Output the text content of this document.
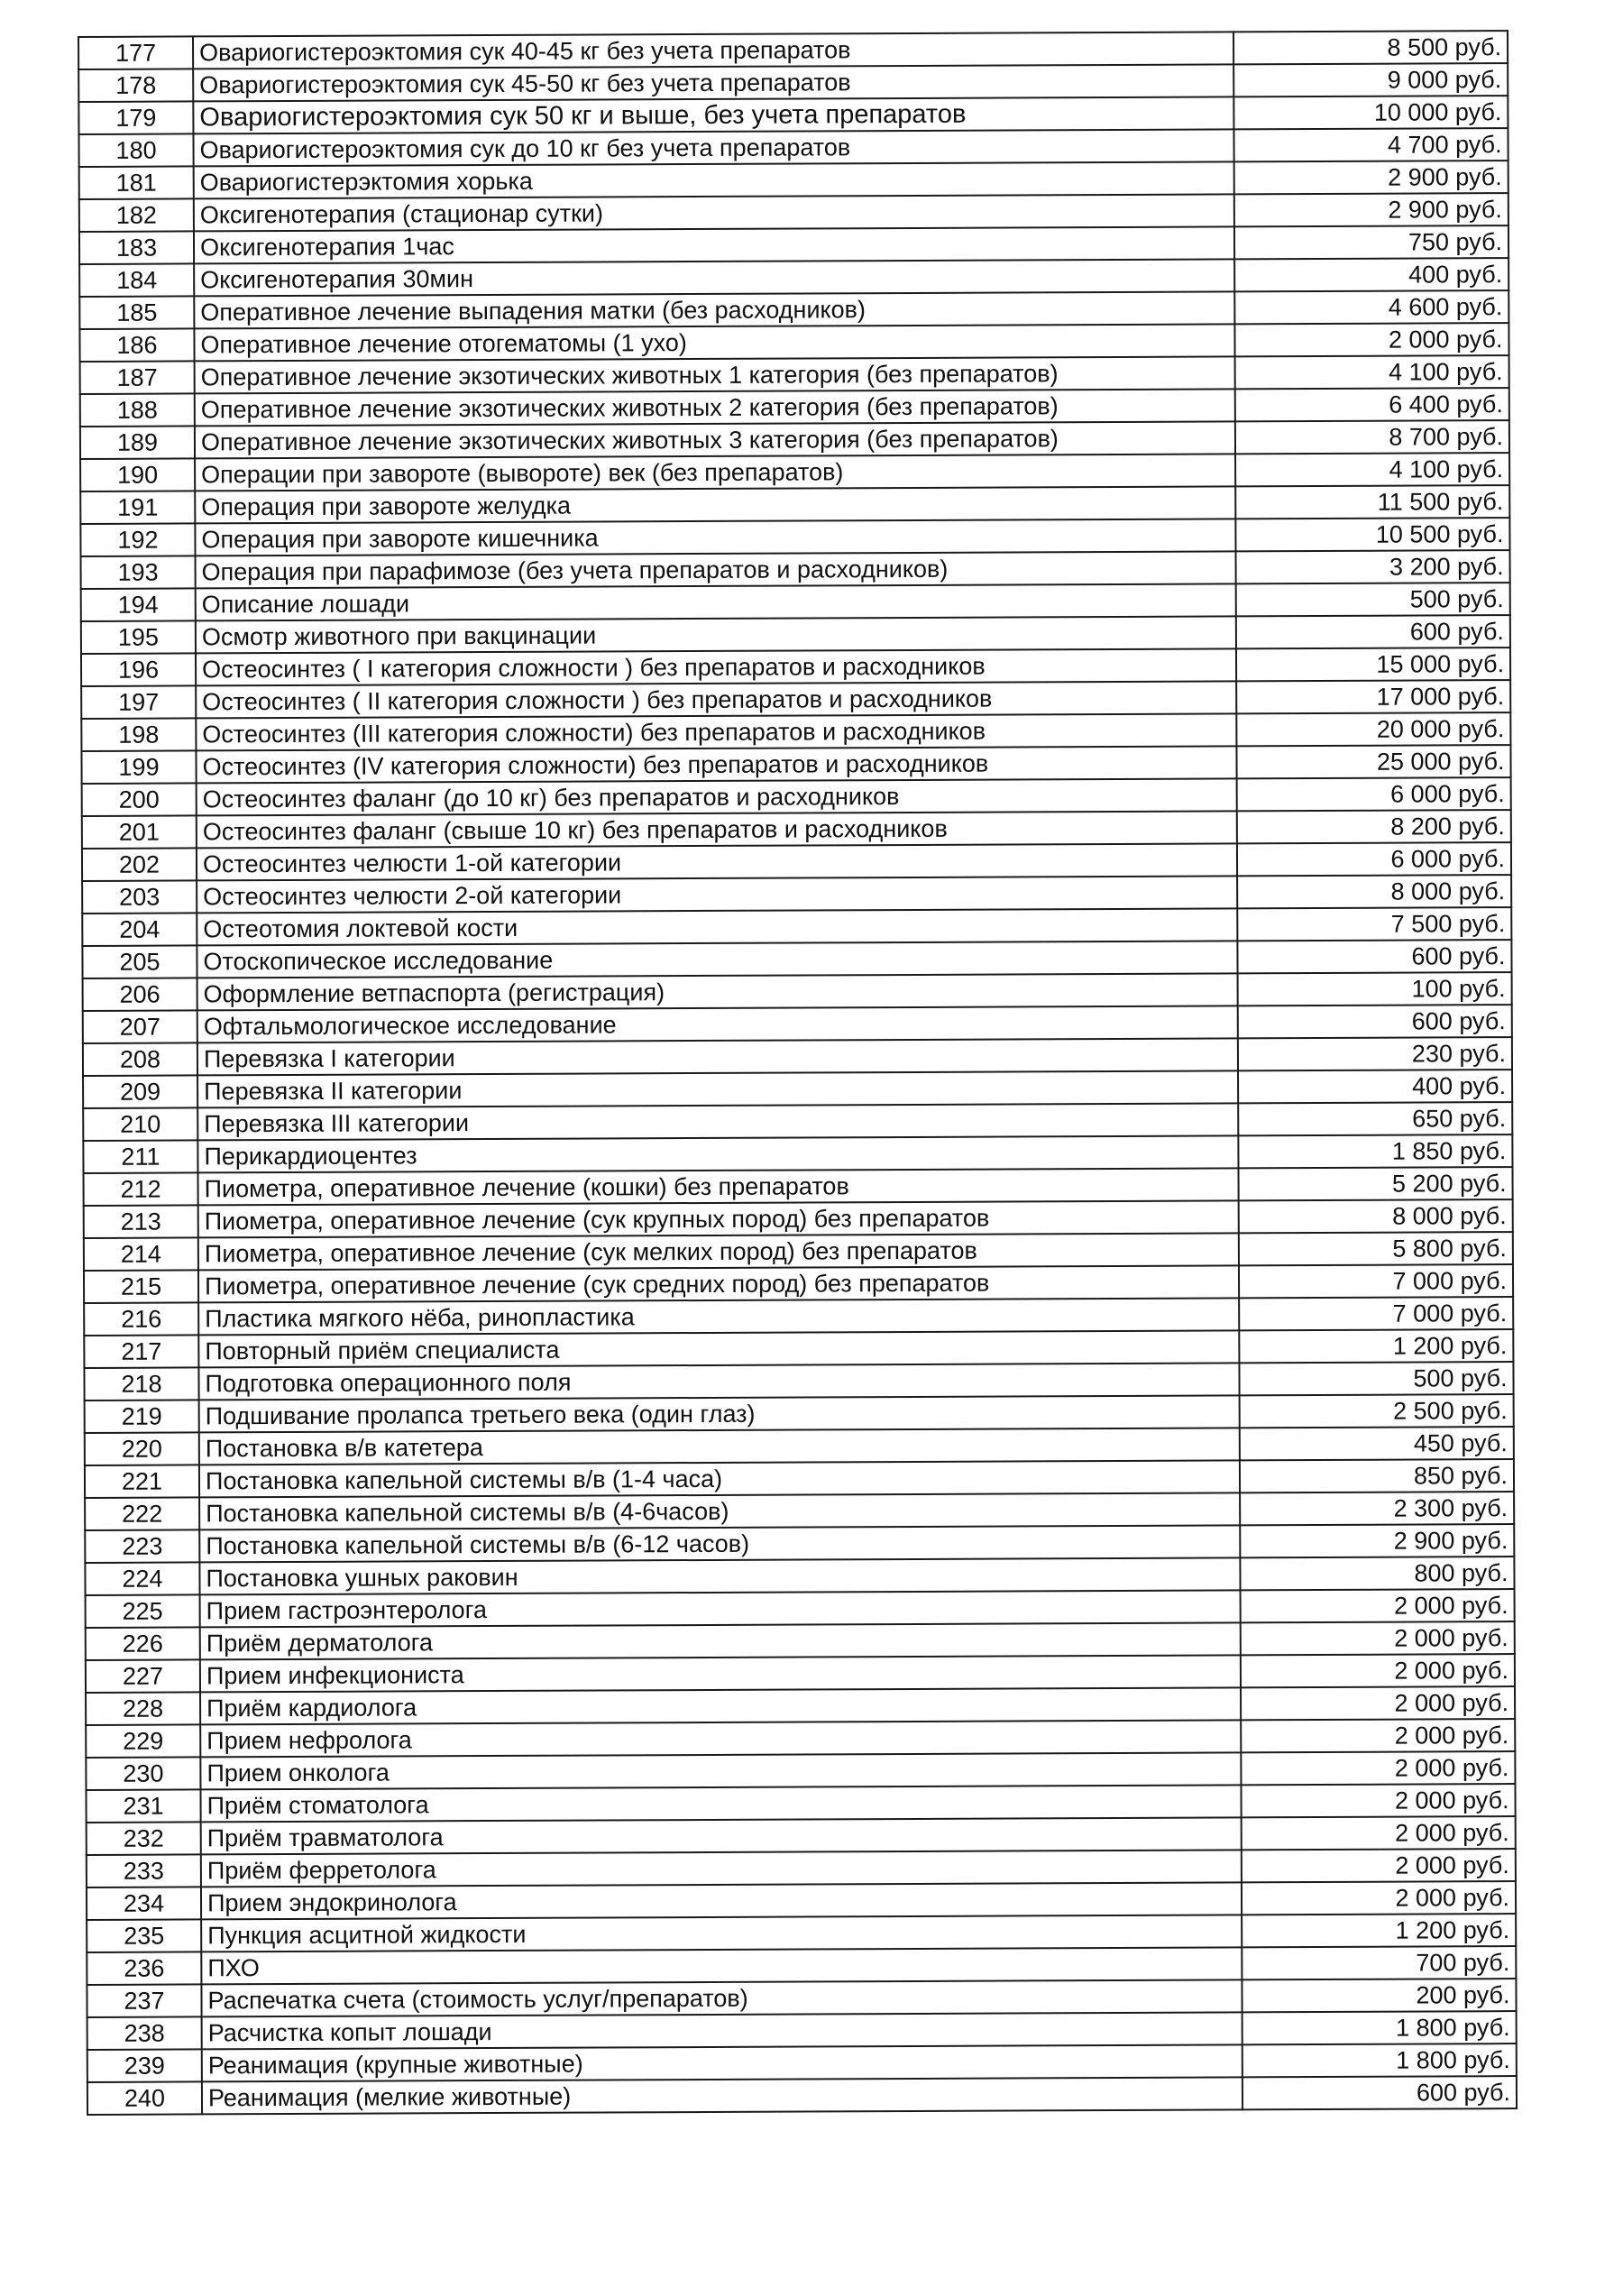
177	Овариогистероэктомия сук 40-45 кг без учета препаратов	8 500 руб.
178	Овариогистероэктомия сук 45-50 кг без учета препаратов	9 000 руб.
179	Овариогистероэктомия сук 50 кг и выше, без учета препаратов	10 000 руб.
180	Овариогистероэктомия сук до 10 кг без учета препаратов	4 700 руб.
181	Овариогистерэктомия хорька	2 900 руб.
182	Оксигенотерапия (стационар сутки)	2 900 руб.
183	Оксигенотерапия 1час	750 руб.
184	Оксигенотерапия 30мин	400 руб.
185	Оперативное лечение выпадения матки (без расходников)	4 600 руб.
186	Оперативное лечение отогематомы (1 ухо)	2 000 руб.
187	Оперативное лечение экзотических животных 1 категория (без препаратов)	4 100 руб.
188	Оперативное лечение экзотических животных 2 категория (без препаратов)	6 400 руб.
189	Оперативное лечение экзотических животных 3 категория (без препаратов)	8 700 руб.
190	Операции при завороте (вывороте) век (без препаратов)	4 100 руб.
191	Операция при завороте желудка	11 500 руб.
192	Операция при завороте кишечника	10 500 руб.
193	Операция при парафимозе (без учета препаратов и расходников)	3 200 руб.
194	Описание лошади	500 руб.
195	Осмотр животного при вакцинации	600 руб.
196	Остеосинтез ( I категория сложности ) без препаратов и расходников	15 000 руб.
197	Остеосинтез ( II категория сложности ) без препаратов и расходников	17 000 руб.
198	Остеосинтез (III категория сложности) без препаратов и расходников	20 000 руб.
199	Остеосинтез (IV категория сложности) без препаратов и расходников	25 000 руб.
200	Остеосинтез фаланг (до 10 кг) без препаратов и расходников	6 000 руб.
201	Остеосинтез фаланг (свыше 10 кг) без препаратов и расходников	8 200 руб.
202	Остеосинтез челюсти 1-ой категории	6 000 руб.
203	Остеосинтез челюсти 2-ой категории	8 000 руб.
204	Остеотомия локтевой кости	7 500 руб.
205	Отоскопическое исследование	600 руб.
206	Оформление ветпаспорта (регистрация)	100 руб.
207	Офтальмологическое исследование	600 руб.
208	Перевязка I категории	230 руб.
209	Перевязка II категории	400 руб.
210	Перевязка III категории	650 руб.
211	Перикардиоцентез	1 850 руб.
212	Пиометра, оперативное лечение (кошки) без препаратов	5 200 руб.
213	Пиометра, оперативное лечение (сук крупных пород) без препаратов	8 000 руб.
214	Пиометра, оперативное лечение (сук мелких пород) без препаратов	5 800 руб.
215	Пиометра, оперативное лечение (сук средних пород) без препаратов	7 000 руб.
216	Пластика мягкого нёба, ринопластика	7 000 руб.
217	Повторный приём специалиста	1 200 руб.
218	Подготовка операционного поля	500 руб.
219	Подшивание пролапса третьего века (один глаз)	2 500 руб.
220	Постановка в/в катетера	450 руб.
221	Постановка капельной системы в/в (1-4 часа)	850 руб.
222	Постановка капельной системы в/в (4-6часов)	2 300 руб.
223	Постановка капельной системы в/в (6-12 часов)	2 900 руб.
224	Постановка ушных раковин	800 руб.
225	Прием гастроэнтеролога	2 000 руб.
226	Приём дерматолога	2 000 руб.
227	Прием инфекциониста	2 000 руб.
228	Приём кардиолога	2 000 руб.
229	Прием нефролога	2 000 руб.
230	Прием онколога	2 000 руб.
231	Приём стоматолога	2 000 руб.
232	Приём травматолога	2 000 руб.
233	Приём ферретолога	2 000 руб.
234	Прием эндокринолога	2 000 руб.
235	Пункция асцитной жидкости	1 200 руб.
236	ПХО	700 руб.
237	Распечатка счета (стоимость услуг/препаратов)	200 руб.
238	Расчистка копыт лошади	1 800 руб.
239	Реанимация (крупные животные)	1 800 руб.
240	Реанимация (мелкие животные)	600 руб.
